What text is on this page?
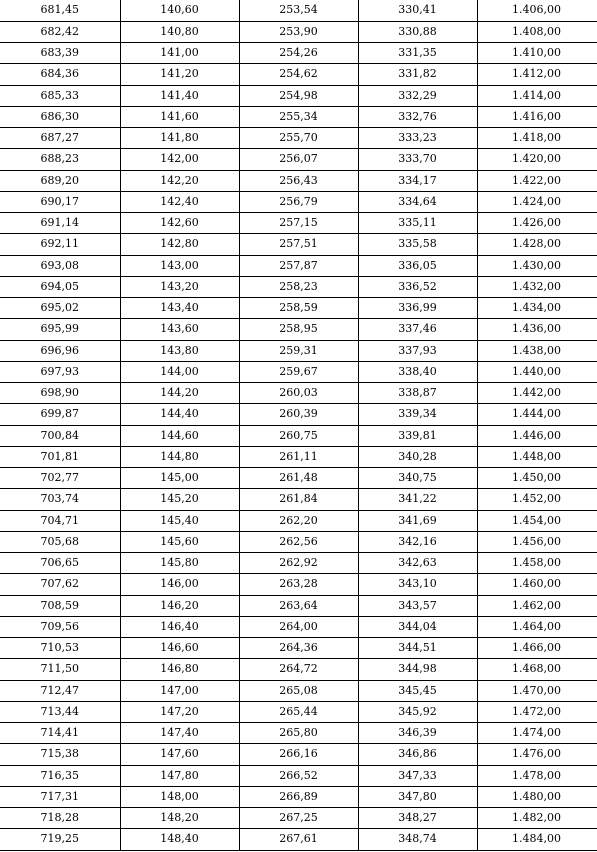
681,45	140,60	253,54	330,41	1.406,00
682,42	140,80	253,90	330,88	1.408,00
683,39	141,00	254,26	331,35	1.410,00
684,36	141,20	254,62	331,82	1.412,00
685,33	141,40	254,98	332,29	1.414,00
686,30	141,60	255,34	332,76	1.416,00
687,27	141,80	255,70	333,23	1.418,00
688,23	142,00	256,07	333,70	1.420,00
689,20	142,20	256,43	334,17	1.422,00
690,17	142,40	256,79	334,64	1.424,00
691,14	142,60	257,15	335,11	1.426,00
692,11	142,80	257,51	335,58	1.428,00
693,08	143,00	257,87	336,05	1.430,00
694,05	143,20	258,23	336,52	1.432,00
695,02	143,40	258,59	336,99	1.434,00
695,99	143,60	258,95	337,46	1.436,00
696,96	143,80	259,31	337,93	1.438,00
697,93	144,00	259,67	338,40	1.440,00
698,90	144,20	260,03	338,87	1.442,00
699,87	144,40	260,39	339,34	1.444,00
700,84	144,60	260,75	339,81	1.446,00
701,81	144,80	261,11	340,28	1.448,00
702,77	145,00	261,48	340,75	1.450,00
703,74	145,20	261,84	341,22	1.452,00
704,71	145,40	262,20	341,69	1.454,00
705,68	145,60	262,56	342,16	1.456,00
706,65	145,80	262,92	342,63	1.458,00
707,62	146,00	263,28	343,10	1.460,00
708,59	146,20	263,64	343,57	1.462,00
709,56	146,40	264,00	344,04	1.464,00
710,53	146,60	264,36	344,51	1.466,00
711,50	146,80	264,72	344,98	1.468,00
712,47	147,00	265,08	345,45	1.470,00
713,44	147,20	265,44	345,92	1.472,00
714,41	147,40	265,80	346,39	1.474,00
715,38	147,60	266,16	346,86	1.476,00
716,35	147,80	266,52	347,33	1.478,00
717,31	148,00	266,89	347,80	1.480,00
718,28	148,20	267,25	348,27	1.482,00
719,25	148,40	267,61	348,74	1.484,00
